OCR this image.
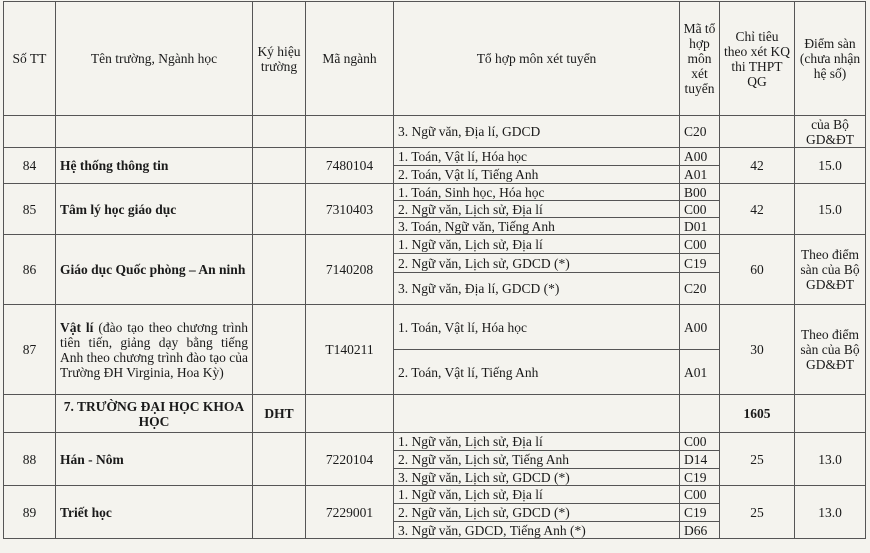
Số TT	Tên trường, Ngành học	Ký hiệu trường	Mã ngành	Tổ hợp môn xét tuyển	Mã tổ hợp môn xét tuyển	Chỉ tiêu theo xét KQ thi THPT QG	Điểm sàn (chưa nhận hệ số)
				3. Ngữ văn, Địa lí, GDCD	C20		của Bộ GD&ĐT
84	Hệ thống thông tin		7480104	1. Toán, Vật lí, Hóa học	A00	42	15.0
				2. Toán, Vật lí, Tiếng Anh	A01		
85	Tâm lý học giáo dục		7310403	1. Toán, Sinh học, Hóa học	B00	42	15.0
				2. Ngữ văn, Lịch sử, Địa lí	C00		
				3. Toán, Ngữ văn, Tiếng Anh	D01		
86	Giáo dục Quốc phòng – An ninh		7140208	1. Ngữ văn, Lịch sử, Địa lí	C00	60	Theo điểm sàn của Bộ GD&ĐT
				2. Ngữ văn, Lịch sử, GDCD (*)	C19		
				3. Ngữ văn, Địa lí, GDCD (*)	C20		
87	Vật lí (đào tạo theo chương trình tiên tiến, giảng dạy bằng tiếng Anh theo chương trình đào tạo của Trường ĐH Virginia, Hoa Kỳ)		T140211	1. Toán, Vật lí, Hóa học	A00	30	Theo điểm sàn của Bộ GD&ĐT
				2. Toán, Vật lí, Tiếng Anh	A01		
	7. TRƯỜNG ĐẠI HỌC KHOA HỌC	DHT				1605	
88	Hán - Nôm		7220104	1. Ngữ văn, Lịch sử, Địa lí	C00	25	13.0
				2. Ngữ văn, Lịch sử, Tiếng Anh	D14		
				3. Ngữ văn, Lịch sử, GDCD (*)	C19		
89	Triết học		7229001	1. Ngữ văn, Lịch sử, Địa lí	C00	25	13.0
				2. Ngữ văn, Lịch sử, GDCD (*)	C19		
				3. Ngữ văn, GDCD, Tiếng Anh (*)	D66		
